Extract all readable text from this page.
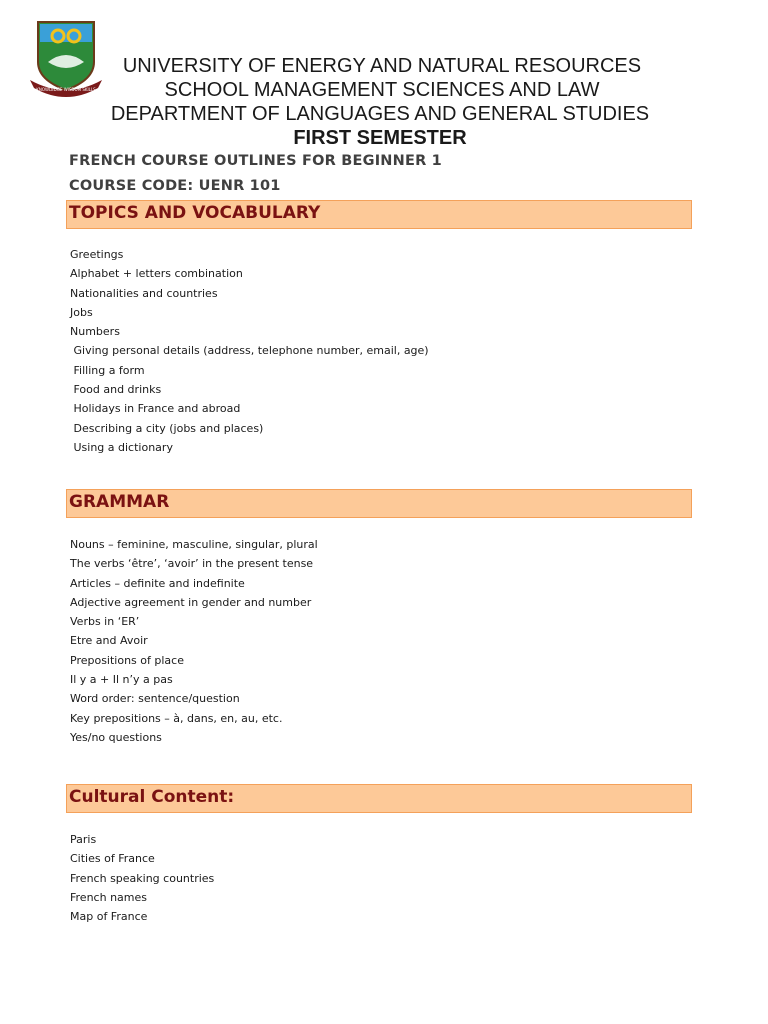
KNOWLEDGE WISDOM SKILLS
UNIVERSITY OF ENERGY AND NATURAL RESOURCES
SCHOOL MANAGEMENT SCIENCES AND LAW
DEPARTMENT OF LANGUAGES AND GENERAL STUDIES
FIRST SEMESTER
FRENCH COURSE OUTLINES FOR BEGINNER 1
COURSE CODE: UENR 101
TOPICS AND VOCABULARY
Greetings
Alphabet + letters combination
Nationalities and countries
Jobs
Numbers
Giving personal details (address, telephone number, email, age)
Filling a form
Food and drinks
Holidays in France and abroad
Describing a city (jobs and places)
Using a dictionary
GRAMMAR
Nouns – feminine, masculine, singular, plural
The verbs ‘être’, ‘avoir’ in the present tense
Articles – definite and indefinite
Adjective agreement in gender and number
Verbs in ‘ER’
Etre and Avoir
Prepositions of place
Il y a + Il n’y a pas
Word order: sentence/question
Key prepositions – à, dans, en, au, etc.
Yes/no questions
Cultural Content:
Paris
Cities of France
French speaking countries
French names
Map of France
